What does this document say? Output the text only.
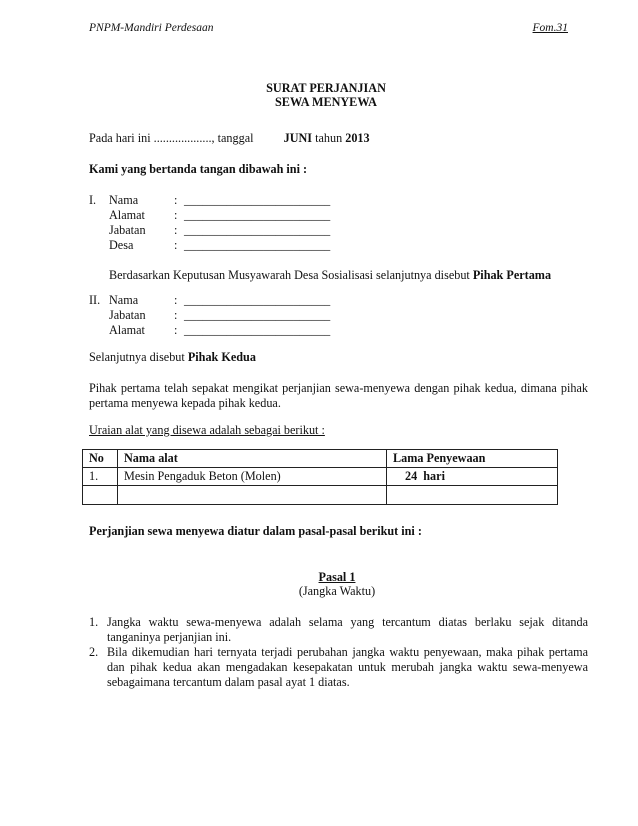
PNPM-Mandiri Perdesaan	Fom.31
SURAT PERJANJIAN
SEWA MENYEWA
Pada hari ini ..................., tanggal JUNI tahun 2013
Kami yang bertanda tangan dibawah ini :
I. Nama	: ________________________
Alamat : ________________________
Jabatan : ________________________
Desa	: ________________________
Berdasarkan Keputusan Musyawarah Desa Sosialisasi selanjutnya disebut Pihak Pertama
II. Nama	: ________________________
Jabatan : ________________________
Alamat : ________________________
Selanjutnya disebut Pihak Kedua
Pihak pertama telah sepakat mengikat perjanjian sewa-menyewa dengan pihak kedua, dimana pihak pertama menyewa kepada pihak kedua.
Uraian alat yang disewa adalah sebagai berikut :
No	Nama alat	Lama Penyewaan
1.	Mesin Pengaduk Beton (Molen)	24  hari

Perjanjian sewa menyewa diatur dalam pasal-pasal berikut ini :
Pasal 1
(Jangka Waktu)
1. Jangka waktu sewa-menyewa adalah selama yang tercantum diatas berlaku sejak ditanda tanganinya perjanjian ini.
2. Bila dikemudian hari ternyata terjadi perubahan jangka waktu penyewaan, maka pihak pertama dan pihak kedua akan mengadakan kesepakatan untuk merubah jangka waktu sewa-menyewa sebagaimana tercantum dalam pasal ayat 1 diatas.
